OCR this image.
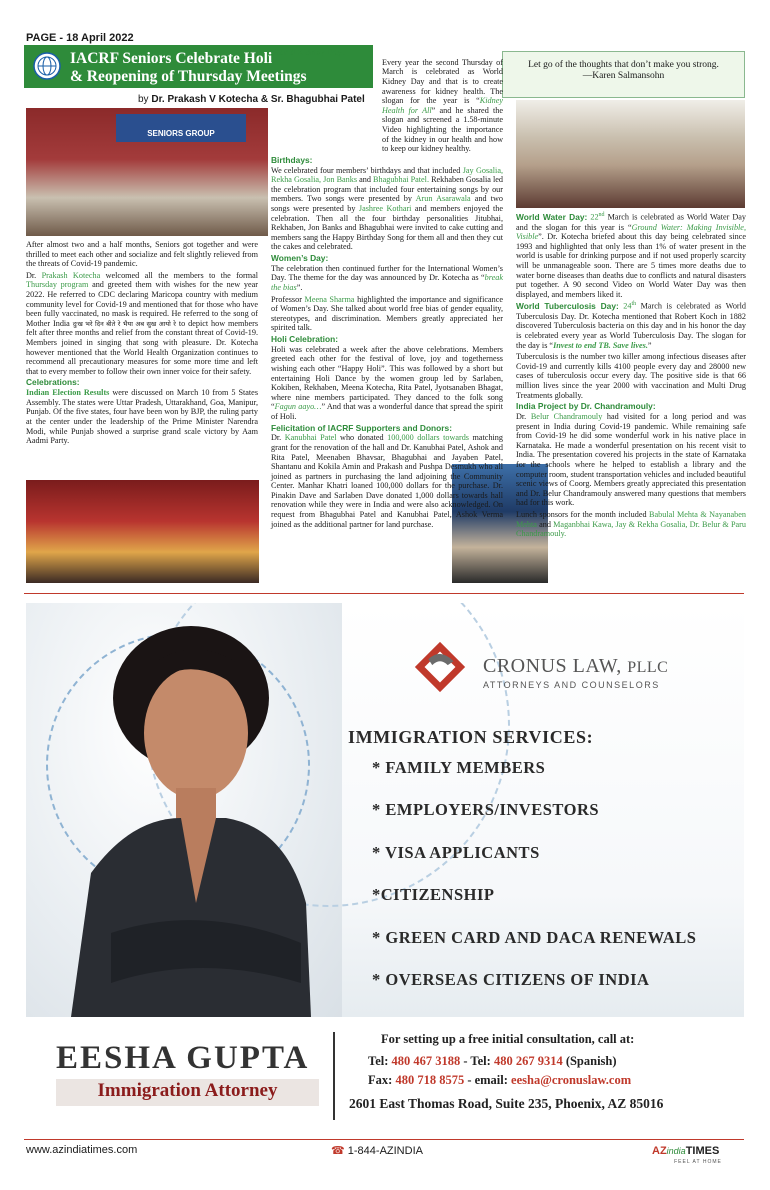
PAGE - 18 April 2022
IACRF Seniors Celebrate Holi
& Reopening of Thursday Meetings
by Dr. Prakash V Kotecha & Sr. Bhagubhai Patel
Let go of the thoughts that don’t make you strong.
—Karen Salmansohn
SENIORS GROUP

After almost two and a half months, Seniors got together and were thrilled to meet each other and socialize and felt slightly relieved from the threats of Covid-19 pandemic.

Dr. Prakash Kotecha welcomed all the members to the formal Thursday program and greeted them with wishes for the new year 2022. He referred to CDC declaring Maricopa country with medium community level for Covid-19 and mentioned that for those who have been fully vaccinated, no mask is required. He referred to the song of Mother India दुःख भरे दिन बीते रे भैया अब सुख आयो रे to depict how members felt after three months and relief from the constant threat of Covid-19. Members joined in singing that song with pleasure. Dr. Kotecha however mentioned that the World Health Organization continues to recommend all precautionary measures for some more time and left that to every member to follow their own inner voice for their safety.

Celebrations:

Indian Election Results were discussed on March 10 from 5 States Assembly. The states were Uttar Pradesh, Uttarakhand, Goa, Manipur, Punjab. Of the five states, four have been won by BJP, the ruling party at the center under the leadership of the Prime Minister Narendra Modi, while Punjab showed a surprise grand scale victory by Aam Aadmi Party.

World Kidney Day:

Every year the second Thursday of March is celebrated as World Kidney Day and that is to create awareness for kidney health. The slogan for the year is “Kidney Health for All” and he shared the slogan and screened a 1.58-minute Video highlighting the importance of the kidney in our health and how to keep our kidney healthy.

Birthdays:

We celebrated four members’ birthdays and that included Jay Gosalia, Rekha Gosalia, Jon Banks and Bhagubhai Patel. Rekhaben Gosalia led the celebration program that included four entertaining songs by our members. Two songs were presented by Arun Asarawala and two songs were presented by Jashree Kothari and members enjoyed the celebration. Then all the four birthday personalities Jitubhai, Rekhaben, Jon Banks and Bhagubhai were invited to cake cutting and members sang the Happy Birthday Song for them all and then they cut the cakes and celebrated.

Women’s Day:

The celebration then continued further for the International Women’s Day. The theme for the day was announced by Dr. Kotecha as “break the bias”.

Professor Meena Sharma highlighted the importance and significance of Women’s Day. She talked about world free bias of gender equality, stereotypes, and discrimination. Members greatly appreciated her spirited talk.

Holi Celebration:

Holi was celebrated a week after the above celebrations. Members greeted each other for the festival of love, joy and togetherness wishing each other “Happy Holi”. This was followed by a short but entertaining Holi Dance by the women group led by Sarlaben, Kokiben, Rekhaben, Meena Kotecha, Rita Patel, Jyotsanaben Bhagat, where nine members participated. They danced to the folk song “Fagun aayo…” And that was a wonderful dance that spread the spirit of Holi.

Felicitation of IACRF Supporters and Donors:

Dr. Kanubhai Patel who donated 100,000 dollars towards matching grant for the renovation of the hall and Dr. Kanubhai Patel, Ashok and Rita Patel, Meenaben Bhavsar, Bhagubhai and Jayaben Patel, Shantanu and Kokila Amin and Prakash and Pushpa Desmukh who all joined as partners in purchasing the land adjoining the Community Center. Manhar Khatri loaned 100,000 dollars for the purchase. Dr. Pinakin Dave and Sarlaben Dave donated 1,000 dollars towards hall renovation while they were in India and were also acknowledged. On request from Bhagubhai Patel and Kanubhai Patel, Ashok Verma joined as the additional partner for land purchase.

World Water Day: 22nd March is celebrated as World Water Day and the slogan for this year is “Ground Water: Making Invisible, Visible”. Dr. Kotecha briefed about this day being celebrated since 1993 and highlighted that only less than 1% of water present in the world is usable for drinking purpose and if not used properly scarcity will be unmanageable soon. There are 5 times more deaths due to water borne diseases than deaths due to conflicts and natural disasters put together. A 90 second Video on World Water Day was then displayed, and members liked it.

World Tuberculosis Day: 24th March is celebrated as World Tuberculosis Day. Dr. Kotecha mentioned that Robert Koch in 1882 discovered Tuberculosis bacteria on this day and in his honor the day is celebrated every year as World Tuberculosis Day. The slogan for the day is “Invest to end TB. Save lives.”

Tuberculosis is the number two killer among infectious diseases after Covid-19 and currently kills 4100 people every day and 28000 new cases of tuberculosis occur every day. The positive side is that 66 million lives since the year 2000 with vaccination and Multi Drug Treatments globally.

India Project by Dr. Chandramouly:

Dr. Belur Chandramouly had visited for a long period and was present in India during Covid-19 pandemic. While remaining safe from Covid-19 he did some wonderful work in his native place in Karnataka. He made a wonderful presentation on his recent visit to India. The presentation covered his projects in the state of Karnataka for the schools where he helped to establish a library and the computer room, student transportation vehicles and included beautiful scenic views of Coorg. Members greatly appreciated this presentation and Dr. Belur Chandramouly answered many questions that members had for this work.

Lunch sponsors for the month included Babulal Mehta & Nayanaben Mehta and Maganbhai Kawa, Jay & Rekha Gosalia, Dr. Belur & Paru Chandramouly.

CRONUS LAW, PLLC
ATTORNEYS AND COUNSELORS
IMMIGRATION SERVICES:
* FAMILY MEMBERS
* EMPLOYERS/INVESTORS
* VISA APPLICANTS
*CITIZENSHIP
* GREEN CARD AND DACA RENEWALS
* OVERSEAS CITIZENS OF INDIA
EESHA GUPTA
Immigration Attorney
For setting up a free initial consultation, call at:
Tel: 480 467 3188 - Tel: 480 267 9314 (Spanish)
Fax: 480 718 8575 - email: eesha@cronuslaw.com
2601 East Thomas Road, Suite 235, Phoenix, AZ 85016
www.azindiatimes.com	☎ 1-844-AZINDIA	AZindiaTIMES
FEEL AT HOME
